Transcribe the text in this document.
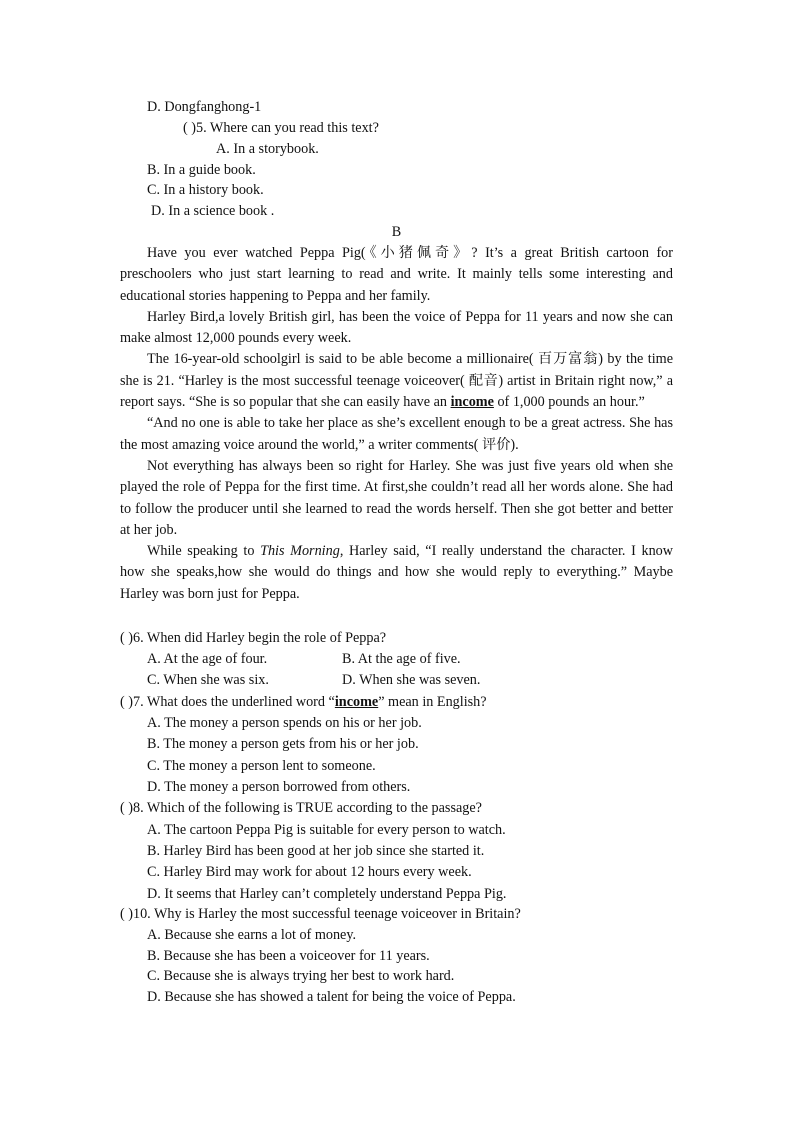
D. Dongfanghong-1
( )5. Where can you read this text?
A. In a storybook.
B. In a guide book.
C. In a history book.
D. In a science book .
B

Have you ever watched Peppa Pig(《小猪佩奇》? It’s a great British cartoon for preschoolers who just start learning to read and write. It mainly tells some interesting and educational stories happening to Peppa and her family.

Harley Bird,a lovely British girl, has been the voice of Peppa for 11 years and now she can make almost 12,000 pounds every week.

The 16-year-old schoolgirl is said to be able become a millionaire( 百万富翁) by the time she is 21. “Harley is the most successful teenage voiceover( 配音) artist in Britain right now,” a report says. “She is so popular that she can easily have an income of 1,000 pounds an hour.”

“And no one is able to take her place as she’s excellent enough to be a great actress. She has the most amazing voice around the world,” a writer comments( 评价).

Not everything has always been so right for Harley. She was just five years old when she played the role of Peppa for the first time. At first,she couldn’t read all her words alone. She had to follow the producer until she learned to read the words herself. Then she got better and better at her job.

While speaking to This Morning, Harley said, “I really understand the character. I know how she speaks,how she would do things and how she would reply to everything.” Maybe Harley was born just for Peppa.

( )6. When did Harley begin the role of Peppa?
A. At the age of four.	B. At the age of five.
C. When she was six.	D. When she was seven.
( )7. What does the underlined word “income” mean in English?
A. The money a person spends on his or her job.
B. The money a person gets from his or her job.
C. The money a person lent to someone.
D. The money a person borrowed from others.
( )8. Which of the following is TRUE according to the passage?
A. The cartoon Peppa Pig is suitable for every person to watch.
B. Harley Bird has been good at her job since she started it.
C. Harley Bird may work for about 12 hours every week.
D. It seems that Harley can’t completely understand Peppa Pig.
( )10. Why is Harley the most successful teenage voiceover in Britain?
A. Because she earns a lot of money.
B. Because she has been a voiceover for 11 years.
C. Because she is always trying her best to work hard.
D. Because she has showed a talent for being the voice of Peppa.
